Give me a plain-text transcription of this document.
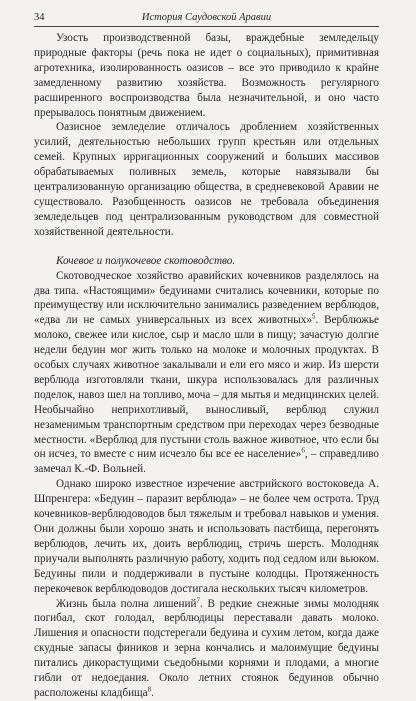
34	История Саудовской Аравии

Узость производственной базы, враждебные земледельцу природные факторы (речь пока не идет о социальных), примитивная агротехника, изолированность оазисов – все это приводило к крайне замедленному развитию хозяйства. Возможность регулярного расширенного воспроизводства была незначительной, и оно часто прерывалось понятным движением.

Оазисное земледелие отличалось дроблением хозяйственных усилий, деятельностью небольших групп крестьян или отдельных семей. Крупных ирригационных сооружений и больших массивов обрабатываемых поливных земель, которые навязывали бы централизованную организацию общества, в средневековой Аравии не существовало. Разобщенность оазисов не требовала объединения земледельцев под централизованным руководством для совместной хозяйственной деятельности.

Кочевое и полукочевое скотоводство.

Скотоводческое хозяйство аравийских кочевников разделялось на два типа. «Настоящими» бедуинами считались кочевники, которые по преимуществу или исключительно занимались разведением верблюдов, «едва ли не самых универсальных из всех животных»$^5$. Верблюжье молоко, свежее или кислое, сыр и масло шли в пищу; зачастую долгие недели бедуин мог жить только на молоке и молочных продуктах. В особых случаях животное закалывали и ели его мясо и жир. Из шерсти верблюда изготовляли ткани, шкура использовалась для различных поделок, навоз шел на топливо, моча – для мытья и медицинских целей. Необычайно неприхотливый, выносливый, верблюд служил незаменимым транспортным средством при переходах через безводные местности. «Верблюд для пустыни столь важное животное, что если бы он исчез, то вместе с ним исчезло бы все ее население»$^6$, – справедливо замечал К.-Ф. Вольней.

Однако широко известное изречение австрийского востоковеда А. Шпренгера: «Бедуин – паразит верблюда» – не более чем острота. Труд кочевников-верблюдоводов был тяжелым и требовал навыков и умения. Они должны были хорошо знать и использовать пастбища, перегонять верблюдов, лечить их, доить верблюдиц, стричь шерсть. Молодняк приучали выполнять различную работу, ходить под седлом или вьюком. Бедуины пили и поддерживали в пустыне колодцы. Протяженность перекочевок верблюдоводов достигала нескольких тысяч километров.

Жизнь была полна лишений$^7$. В редкие снежные зимы молодняк погибал, скот голодал, верблюдицы переставали давать молоко. Лишения и опасности подстерегали бедуина и сухим летом, когда даже скудные запасы фиников и зерна кончались и малоимущие бедуины питались дикорастущими съедобными корнями и плодами, а многие гибли от недоедания. Около летних стоянок бедуинов обычно расположены кладбища$^8$.
